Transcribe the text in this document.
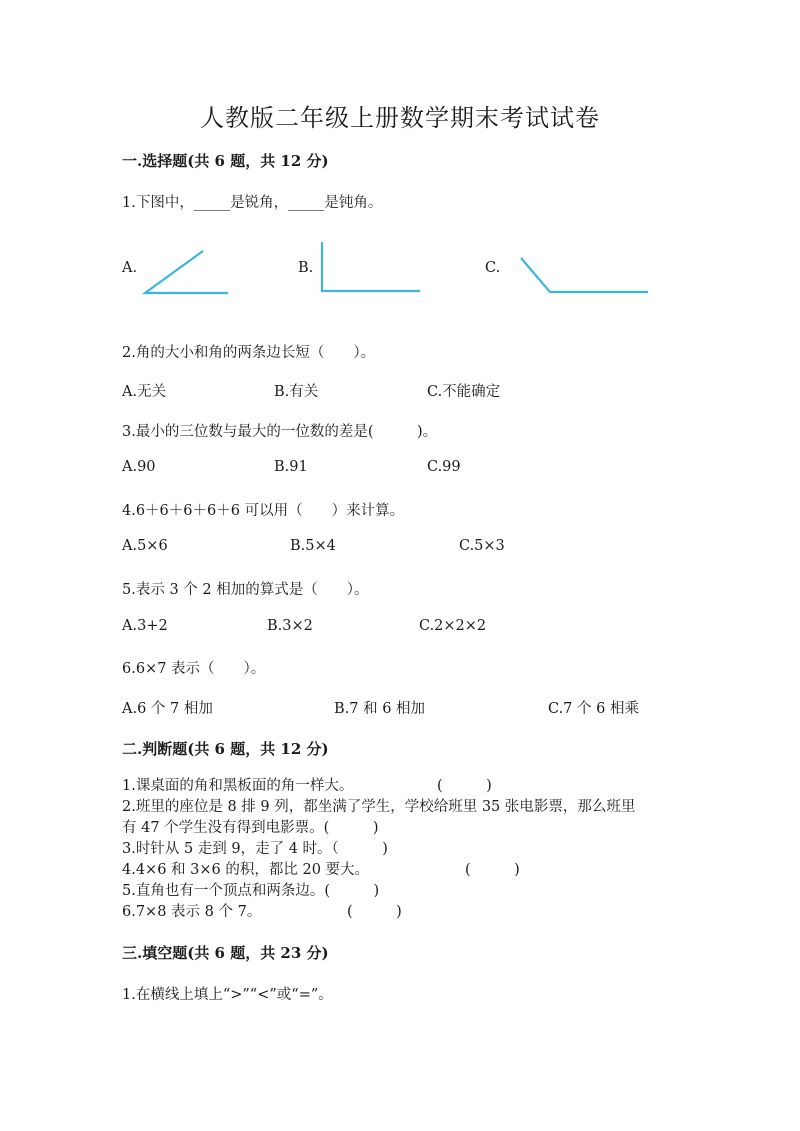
人教版二年级上册数学期末考试试卷
一.选择题(共 6 题，共 12 分)
1.下图中，_____是锐角，_____是钝角。
A.	B.	C.
2.角的大小和角的两条边长短（　　）。
A.无关	B.有关	C.不能确定
3.最小的三位数与最大的一位数的差是(　　　)。
A.90	B.91	C.99
4.6＋6＋6＋6＋6 可以用（　　）来计算。
A.5×6	B.5×4	C.5×3
5.表示 3 个 2 相加的算式是（　　）。
A.3+2	B.3×2	C.2×2×2
6.6×7 表示（　　）。
A.6 个 7 相加	B.7 和 6 相加	C.7 个 6 相乘
二.判断题(共 6 题，共 12 分)
1.课桌面的角和黑板面的角一样大。	(　　　)
2.班里的座位是 8 排 9 列，都坐满了学生，学校给班里 35 张电影票，那么班里
有 47 个学生没有得到电影票。(　　　)
3.时针从 5 走到 9，走了 4 时。（　　　)
4.4×6 和 3×6 的积，都比 20 要大。	(　　　)
5.直角也有一个顶点和两条边。(　　　)
6.7×8 表示 8 个 7。	(　　　)
三.填空题(共 6 题，共 23 分)
1.在横线上填上“>”“<”或“=”。
